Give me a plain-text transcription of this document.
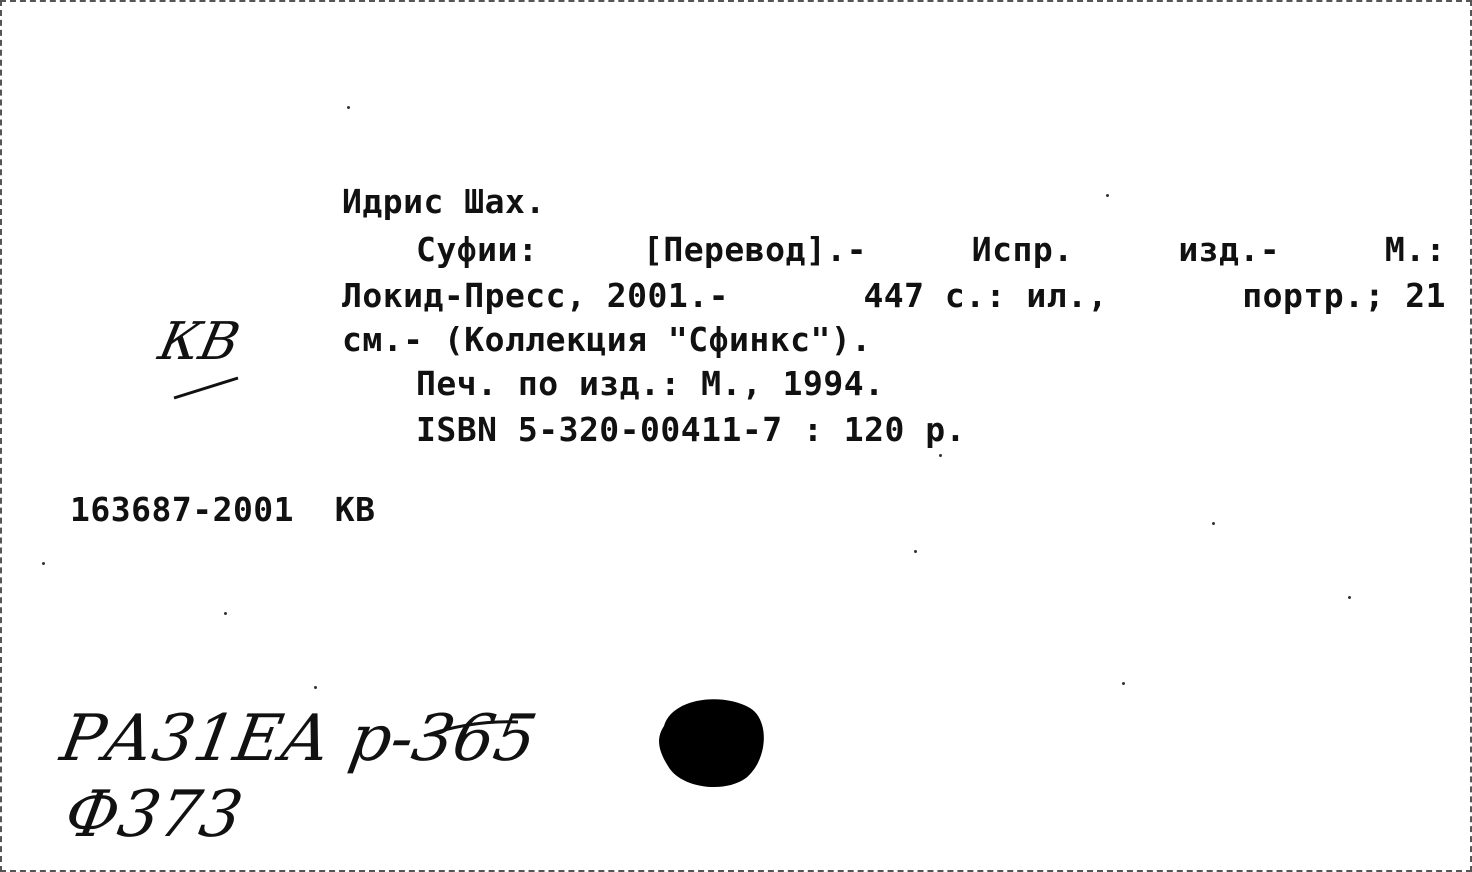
Идрис Шах.
Суфии:	[Перевод].-	Испр.	изд.-	М.:
Локид-Пресс, 2001.-	447 с.: ил.,	портр.; 21
см.- (Коллекция "Сфинкс").
Печ. по изд.: М., 1994.
ISBN 5-320-00411-7 : 120 р.
163687-2001  КВ
КВ
РА31ЕА р-365
Ф373
